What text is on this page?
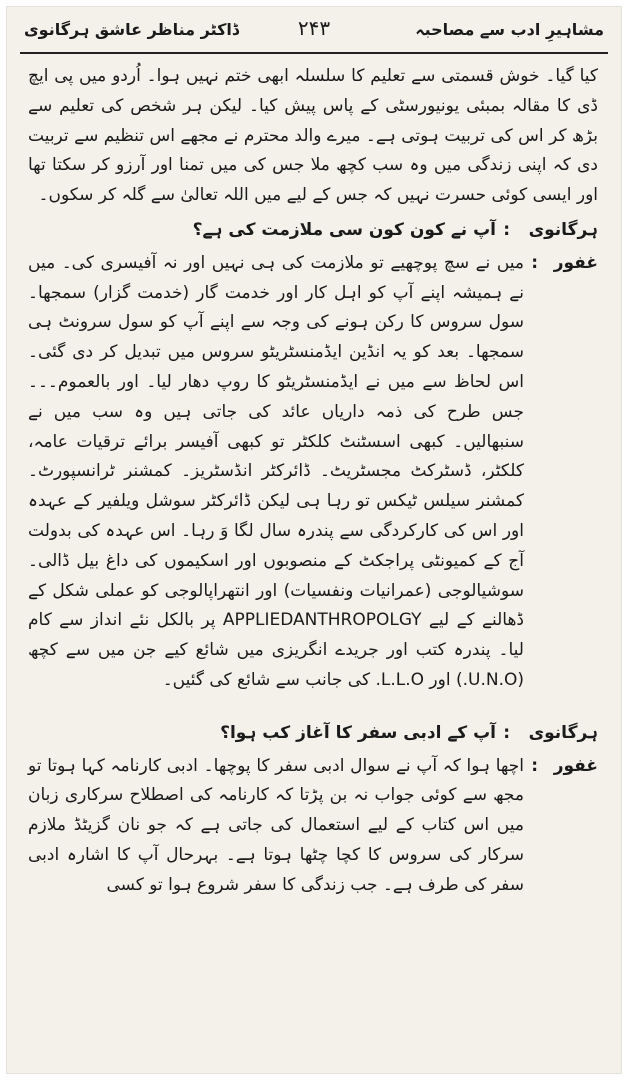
ڈاکٹر مناظر عاشق ہرگانوی	۲۴۳	مشاہیرِ ادب سے مصاحبہ

کیا گیا۔ خوش قسمتی سے تعلیم کا سلسلہ ابھی ختم نہیں ہوا۔ اُردو میں پی ایچ ڈی کا مقالہ بمبئی یونیورسٹی کے پاس پیش کیا۔ لیکن ہر شخص کی تعلیم سے بڑھ کر اس کی تربیت ہوتی ہے۔ میرے والد محترم نے مجھے اس تنظیم سے تربیت دی کہ اپنی زندگی میں وہ سب کچھ ملا جس کی میں تمنا اور آرزو کر سکتا تھا اور ایسی کوئی حسرت نہیں کہ جس کے لیے میں اللہ تعالیٰ سے گلہ کر سکوں۔

ہرگانوی
:
آپ نے کون کون سی ملازمت کی ہے؟
غفور
:
میں نے سچ پوچھیے تو ملازمت کی ہی نہیں اور نہ آفیسری کی۔ میں نے ہمیشہ اپنے آپ کو اہل کار اور خدمت گار (خدمت گزار) سمجھا۔ سول سروس کا رکن ہونے کی وجہ سے اپنے آپ کو سول سرونٹ ہی سمجھا۔ بعد کو یہ انڈین ایڈمنسٹریٹو سروس میں تبدیل کر دی گئی۔ اس لحاظ سے میں نے ایڈمنسٹریٹو کا روپ دھار لیا۔ اور بالعموم۔۔۔ جس طرح کی ذمہ داریاں عائد کی جاتی ہیں وہ سب میں نے سنبھالیں۔ کبھی اسسٹنٹ کلکٹر تو کبھی آفیسر برائے ترقیات عامہ، کلکٹر، ڈسٹرکٹ مجسٹریٹ۔ ڈائرکٹر انڈسٹریز۔ کمشنر ٹرانسپورٹ۔ کمشنر سیلس ٹیکس تو رہا ہی لیکن ڈائرکٹر سوشل ویلفیر کے عہدہ اور اس کی کارکردگی سے پندرہ سال لگا وَ رہا۔ اس عہدہ کی بدولت آج کے کمیونٹی پراجکٹ کے منصوبوں اور اسکیموں کی داغ بیل ڈالی۔ سوشیالوجی (عمرانیات ونفسیات) اور انتھراپالوجی کو عملی شکل کے ڈھالنے کے لیے APPLIEDANTHROPOLGY پر بالکل نئے انداز سے کام لیا۔ پندرہ کتب اور جریدے انگریزی میں شائع کیے جن میں سے کچھ (U.N.O.) اور L.L.O. کی جانب سے شائع کی گئیں۔
ہرگانوی
:
آپ کے ادبی سفر کا آغاز کب ہوا؟
غفور
:
اچھا ہوا کہ آپ نے سوال ادبی سفر کا پوچھا۔ ادبی کارنامہ کہا ہوتا تو مجھ سے کوئی جواب نہ بن پڑتا کہ کارنامہ کی اصطلاح سرکاری زبان میں اس کتاب کے لیے استعمال کی جاتی ہے کہ جو نان گزیٹڈ ملازم سرکار کی سروس کا کچا چٹھا ہوتا ہے۔ بہرحال آپ کا اشارہ ادبی سفر کی طرف ہے۔ جب زندگی کا سفر شروع ہوا تو کسی
